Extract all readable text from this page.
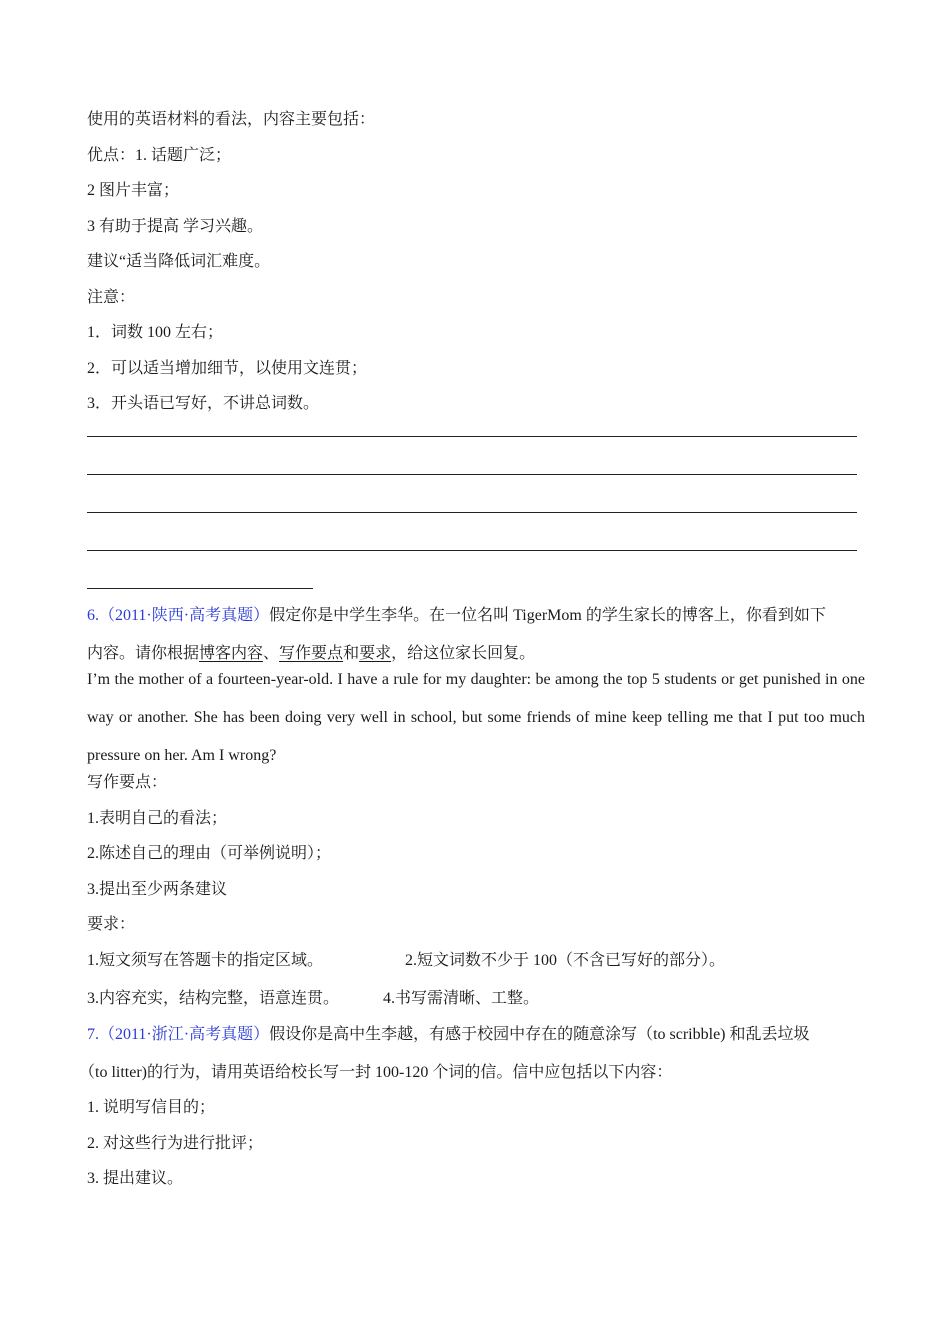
使用的英语材料的看法，内容主要包括：

优点：1. 话题广泛；

2 图片丰富；

3 有助于提高 学习兴趣。

建议“适当降低词汇难度。

注意：

1．词数 100 左右；

2．可以适当增加细节，以使用文连贯；

3．开头语已写好，不讲总词数。

6.（2011·陕西·高考真题）假定你是中学生李华。在一位名叫 TigerMom 的学生家长的博客上，你看到如下

内容。请你根据博客内容、写作要点和要求，给这位家长回复。

I’m the mother of a fourteen-year-old. I have a rule for my daughter: be among the top 5 students or get punished in one way or another. She has been doing very well in school, but some friends of mine keep telling me that I put too much pressure on her. Am I wrong?

写作要点：

1.表明自己的看法；

2.陈述自己的理由（可举例说明）；

3.提出至少两条建议

要求：

1.短文须写在答题卡的指定区域。	2.短文词数不少于 100（不含已写好的部分）。

3.内容充实，结构完整，语意连贯。	4.书写需清晰、工整。

7.（2011·浙江·高考真题）假设你是高中生李越，有感于校园中存在的随意涂写（to scribble) 和乱丢垃圾

（to litter)的行为，请用英语给校长写一封 100-120 个词的信。信中应包括以下内容：

1. 说明写信目的；

2. 对这些行为进行批评；

3. 提出建议。
